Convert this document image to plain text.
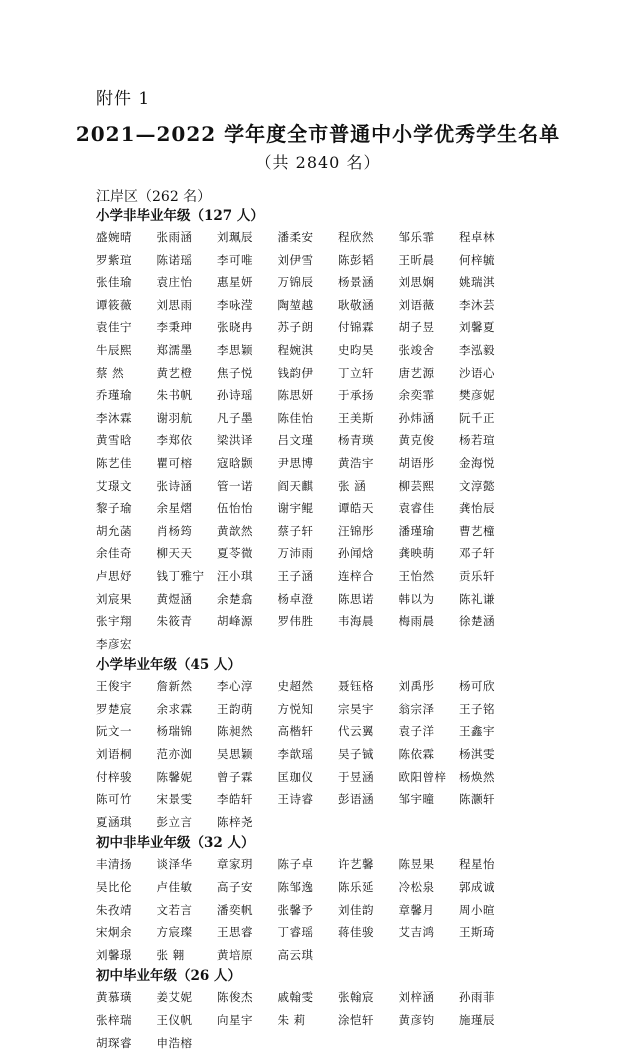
附件 1
2021—2022 学年度全市普通中小学优秀学生名单
（共 2840 名）
江岸区（262 名）
小学非毕业年级（127 人）
盛婉晴	张雨涵	刘珮辰	潘柔安	程欣然	邹乐霏	程卓林
罗紫瑄	陈诺瑶	李可唯	刘伊雪	陈彭韬	王昕晨	何梓毓
张佳瑜	袁庄怡	惠星妍	万锦辰	杨景涵	刘思娴	姚瑞淇
谭筱薇	刘思雨	李咏滢	陶堃越	耿敬涵	刘语薇	李沐芸
袁佳宁	李秉珅	张晓冉	苏子朗	付锦霖	胡子昱	刘馨夏
牛辰熙	郑濡墨	李思颖	程婉淇	史昀昊	张竣舍	李泓毅
蔡 然	黄艺橙	焦子悦	钱韵伊	丁立轩	唐艺源	沙语心
乔瑾瑜	朱书帆	孙诗瑶	陈思妍	于承扬	余奕霏	樊彦妮
李沐霖	谢羽航	凡子墨	陈佳怡	王美斯	孙炜涵	阮千正
黄雪晗	李郑依	梁洪译	吕文瑾	杨青瑛	黄克俊	杨若瑄
陈艺佳	瞿可榕	寇晗颢	尹思博	黄浩宇	胡语彤	金海悦
艾璟文	张诗涵	管一诺	阎天麒	张 涵	柳芸熙	文淳懿
黎子瑜	余星熠	伍怡怡	谢宇鲲	谭皓天	袁睿佳	龚怡辰
胡允菡	肖杨筠	黄歆然	蔡子轩	汪锦彤	潘瑾瑜	曹艺橦
余佳奇	柳天天	夏苓微	万沛雨	孙闻焓	龚映萌	邓子轩
卢思妤	钱丁雅宁	汪小琪	王子涵	连梓合	王怡然	贡乐轩
刘宸果	黄煜涵	余楚翕	杨卓澄	陈思诺	韩以为	陈礼谦
张宇翔	朱筱青	胡峰源	罗伟胜	韦海晨	梅雨晨	徐楚涵
李彦宏
小学毕业年级（45 人）
王俊宇	詹新然	李心淳	史超然	聂钰格	刘禹彤	杨可欣
罗楚宸	余求霖	王韵萌	方悦知	宗昊宇	翁宗泽	王子铭
阮文一	杨瑞锦	陈昶然	高楷轩	代云翼	袁子洋	王鑫宇
刘语桐	范亦洳	吴思颖	李歆瑶	吴子铖	陈依霖	杨淇雯
付梓骏	陈馨妮	曾子霖	匡珈仪	于昱涵	欧阳曾梓	杨焕然
陈可竹	宋景雯	李皓轩	王诗睿	彭语涵	邹宇曈	陈灏轩
夏涵琪	彭立言	陈梓尧
初中非毕业年级（32 人）
丰清扬	谈泽华	章家玥	陈子卓	许艺馨	陈昱果	程星怡
吴比伦	卢佳敏	高子安	陈邹逸	陈乐延	冷松泉	郭成诚
朱孜靖	文若言	潘奕帆	张馨予	刘佳韵	章馨月	周小暄
宋炯余	方宸璨	王思睿	丁睿瑶	蒋佳骏	艾吉鸿	王斯琦
刘馨璟	张 翱	黄培原	高云琪
初中毕业年级（26 人）
黄慕璜	姜艾妮	陈俊杰	戚翰雯	张翰宸	刘梓涵	孙雨菲
张梓瑞	王仪帆	向星宇	朱 莉	涂恺轩	黄彦钧	施瑾辰
胡琛睿	申浩榕
